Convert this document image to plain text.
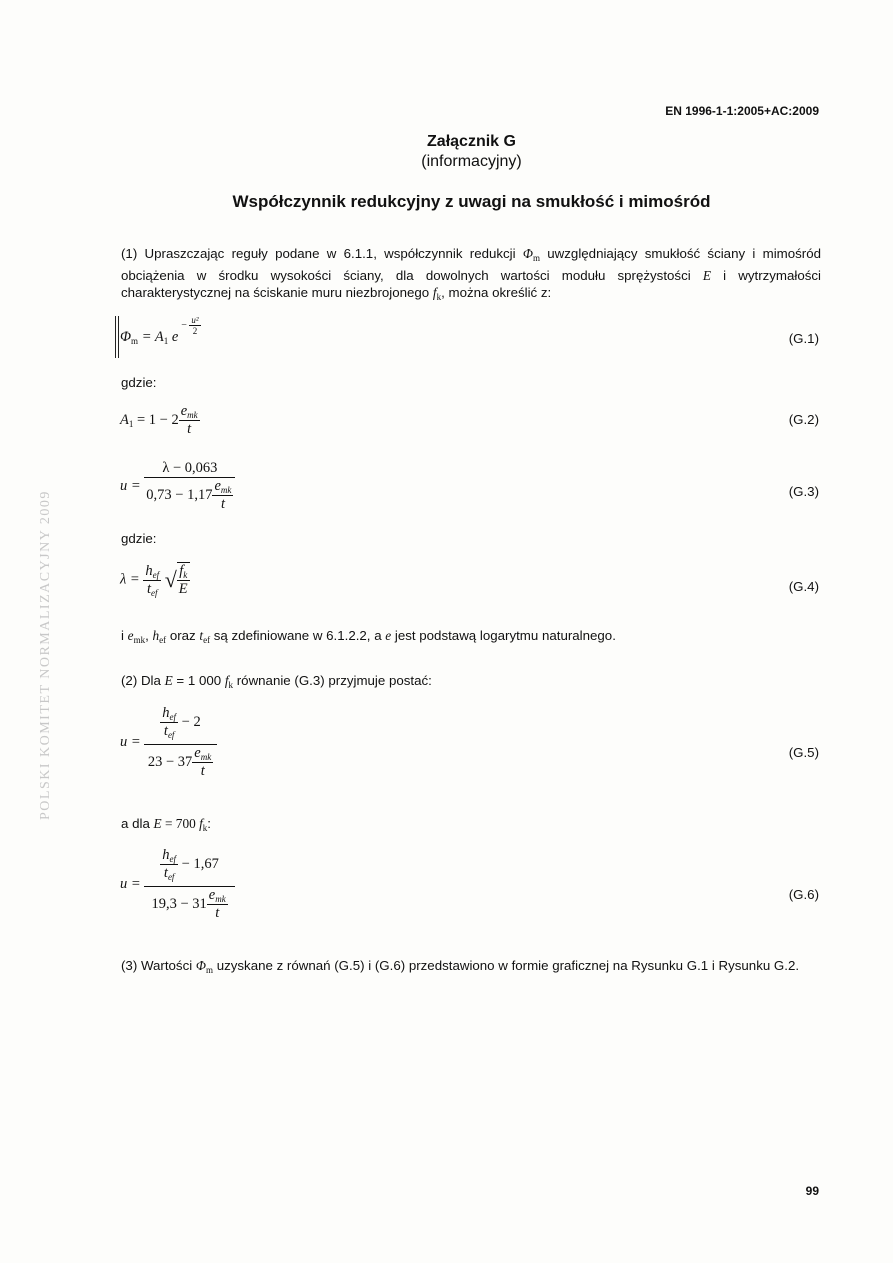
EN 1996-1-1:2005+AC:2009
Załącznik G
(informacyjny)
Współczynnik redukcyjny z uwagi na smukłość i mimośród
(1) Upraszczając reguły podane w 6.1.1, współczynnik redukcji $\Phi_m$ uwzględniający smukłość ściany i mimośród obciążenia w środku wysokości ściany, dla dowolnych wartości modułu sprężystości E i wytrzymałości charakterystycznej na ściskanie muru niezbrojonego $f_k$, można określić z:
$\Phi_m = A_1$ $e^{- \frac{\text{u²}}{2}}$
(G.1)
gdzie:
$A_1 = 1 - 2 \frac{e_{mk}}{t}$	(G.2)
$u = \frac{\lambda - 0,063}{0,73 - 1,17 \frac{e_{mk}}{t}}$	(G.3)
gdzie:
$\lambda = \frac{h_{ef}}{t_{ef}}$ √ $\frac{f_k}{E}$	(G.4)
i $e_{mk}$, $h_{ef}$ oraz $t_{ef}$ są zdefiniowane w 6.1.2.2, a e jest podstawą logarytmu naturalnego.
(2) Dla E = 1 000 $f_k$ równanie (G.3) przyjmuje postać:
$u = \frac{\frac{h_{ef}}{t_{ef}} - 2}{23 - 37 \frac{e_{mk}}{t}}$	(G.5)
a dla E = 700 $f_k$:
$u = \frac{\frac{h_{ef}}{t_{ef}} - 1,67}{19,3 - 31 \frac{e_{mk}}{t}}$	(G.6)
(3) Wartości $\Phi_m$ uzyskane z równań (G.5) i (G.6) przedstawiono w formie graficznej na Rysunku G.1 i Rysunku G.2.
POLSKI KOMITET NORMALIZACYJNY 2009
99
